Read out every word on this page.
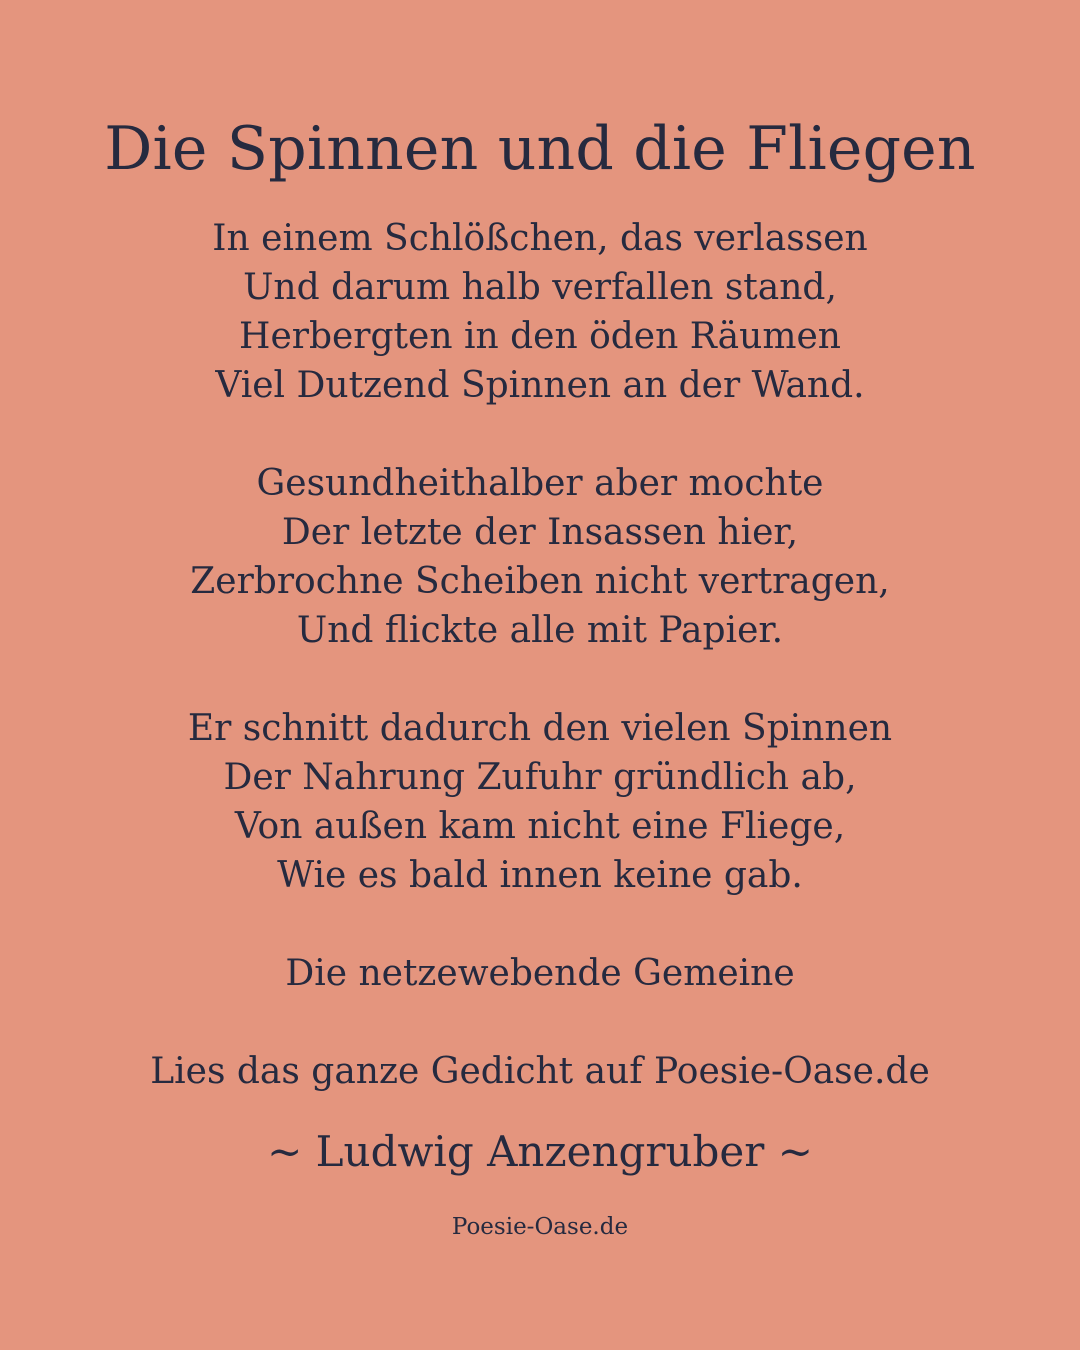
Die Spinnen und die Fliegen
In einem Schlößchen, das verlassen
Und darum halb verfallen stand,
Herbergten in den öden Räumen
Viel Dutzend Spinnen an der Wand.
Gesundheithalber aber mochte
Der letzte der Insassen hier,
Zerbrochne Scheiben nicht vertragen,
Und flickte alle mit Papier.
Er schnitt dadurch den vielen Spinnen
Der Nahrung Zufuhr gründlich ab,
Von außen kam nicht eine Fliege,
Wie es bald innen keine gab.
Die netzewebende Gemeine

Lies das ganze Gedicht auf Poesie-Oase.de

~ Ludwig Anzengruber ~

Poesie-Oase.de
